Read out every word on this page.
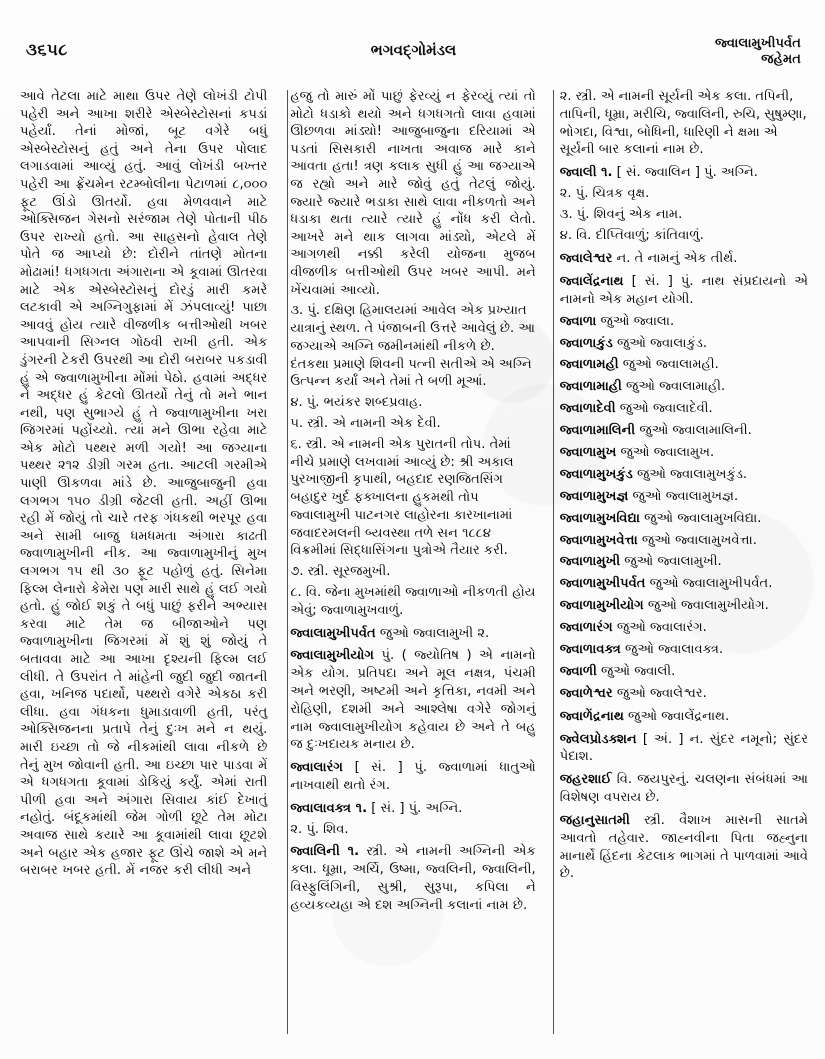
૩૬૫૮	ભગવદ્ગોમંડલ	જ્વાલામુખીપર્વત
જહેમત

આવે તેટલા માટે માથા ઉપર તેણે લોખંડી ટોપી પહેરી અને આખા શરીરે એસ્બેસ્ટોસનાં કપડાં પહેર્યાં. તેનાં મોજાં, બૂટ વગેરે બધું એસ્બેસ્ટોસનું હતું અને તેના ઉપર પોલાદ લગાડવામાં આવ્યું હતું. આવું લોખંડી બખ્તર પહેરી આ ફ્રેંચમેન રટમ્બોલીના પેટાળમાં ૮,૦૦૦ ફૂટ ઊંડો ઊતર્યો. હવા મેળવવાને માટે ઓક્સિજન ગેસનો સરંજામ તેણે પોતાની પીઠ ઉપર રાખ્યો હતો. આ સાહસનો હેવાલ તેણે પોતે જ આપ્યો છે: દોરીને તાંતણે મોતના મોઢામાં! ધગધગતા અંગારાના એ કૂવામાં ઊતરવા માટે એક એસ્બેસ્ટોસનું દોરડું મારી કમરે લટકાવી એ અગ્નિગુફામાં મેં ઝંપલાવ્યું! પાછા આવવું હોય ત્યારે વીજળીક બત્તીઓથી ખબર આપવાની સિગ્નલ ગોઠવી રાખી હતી. એક ડુંગરની ટેકરી ઉપરથી આ દોરી બરાબર પકડાવી હું એ જ્વાળામુખીના મોંમાં પેઠો. હવામાં અદ્ધર ને અદ્ધર હું કેટલો ઊતર્યો તેનું તો મને ભાન નથી, પણ સુભાગ્યે હું તે જ્વાળામુખીના ખરા જિગરમાં પહોંચ્યો. ત્યાં મને ઊભા રહેવા માટે એક મોટો પથ્થર મળી ગયો! આ જગ્યાના પથ્થર ૨૧૨ ડીગ્રી ગરમ હતા. આટલી ગરમીએ પાણી ઊકળવા માંડે છે. આજુબાજુની હવા લગભગ ૧૫૦ ડીગ્રી જેટલી હતી. અહીં ઊભા રહી મેં જોયું તો ચારે તરફ ગંધકથી ભરપૂર હવા અને સામી બાજુ ધમધમતા અંગારા કાઢતી જ્વાળામુખીની નીક. આ જ્વાળામુખીનું મુખ લગભગ ૧૫ થી ૩૦ ફૂટ પહોળું હતું. સિનેમા ફિલ્મ લેનારો કેમેરા પણ મારી સાથે હું લઈ ગયો હતો. હું જોઈ શકું તે બધું પાછું ફરીને અભ્યાસ કરવા માટે તેમ જ બીજાઓને પણ જ્વાળામુખીના જિગરમાં મેં શું શું જોયું તે બતાવવા માટે આ આખા દૃશ્યની ફિલ્મ લઈ લીધી. તે ઉપરાંત તે માંહેની જુદી જુદી જાતની હવા, ખનિજ પદાર્થો, પથ્થરો વગેરે એકઠા કરી લીધા. હવા ગંધકના ધુમાડાવાળી હતી, પરંતુ ઓક્સિજનના પ્રતાપે તેનું દુઃખ મને ન થયું. મારી ઇચ્છા તો જે નીકમાંથી લાવા નીકળે છે તેનું મુખ જોવાની હતી. આ ઇચ્છા પાર પાડવા મેં એ ધગધગતા કૂવામાં ડોકિયું કર્યું. એમાં રાતી પીળી હવા અને અંગારા સિવાય કાંઈ દેખાતું નહોતું. બંદૂકમાંથી જેમ ગોળી છૂટે તેમ મોટા અવાજ સાથે કયારે આ કૂવામાંથી લાવા છૂટશે અને બહાર એક હજાર ફૂટ ઊંચે જાશે એ મને બરાબર ખબર હતી. મેં નજર કરી લીધી અને

હજુ તો મારું મોં પાછું ફેરવ્યું ન ફેરવ્યું ત્યાં તો મોટો ધડાકો થયો અને ધગધગતો લાવા હવામાં ઊછળવા માંડ્યો! આજુબાજુના દરિયામાં એ પડતાં સિસકારી નાખતા અવાજ મારે કાને આવતા હતા! ત્રણ કલાક સુધી હું આ જગ્યાએ જ રહ્યો અને મારે જોવું હતું તેટલું જોયું. જ્યારે જ્યારે ભડાકા સાથે લાવા નીકળતો અને ધડાકા થતા ત્યારે ત્યારે હું નોંધ કરી લેતો. આખરે મને થાક લાગવા માંડ્યો, એટલે મેં આગળથી નક્કી કરેલી યોજના મુજબ વીજળીક બત્તીઓથી ઉપર ખબર આપી. મને ખેંચવામાં આવ્યો.

૩. પું. દક્ષિણ હિમાલયમાં આવેલ એક પ્રખ્યાત યાત્રાનું સ્થળ. તે પંજાબની ઉત્તરે આવેલું છે. આ જગ્યાએ અગ્નિ જમીનમાંથી નીકળે છે. દંતકથા પ્રમાણે શિવની પત્ની સતીએ એ અગ્નિ ઉત્પન્ન કર્યાં અને તેમાં તે બળી મૂઆં.

૪. પું. ભયંકર શબ્દપ્રવાહ.

૫. સ્ત્રી. એ નામની એક દેવી.

૬. સ્ત્રી. એ નામની એક પુરાતની તોપ. તેમાં નીચે પ્રમાણે લખવામાં આવ્યું છે: શ્રી અકાલ પુરખાજીની કૃપાથી, બહદાદ રણજિતસિંગ બહાદુર ખુર્દ ફક્ખાલના હુકમથી તોપ જ્વાલામુખી પાટનગર લાહોરના કારખાનામાં જવાદરમલની બ્યવસ્થા તળે સન ૧૮૮૪ વિક્રમીમાં સિદ્ધાસિંગના પુત્રોએ તૈયાર કરી.

૭. સ્ત્રી. સૂરજમુખી.

૮. વિ. જેના મુખમાંથી જ્વાળાઓ નીકળતી હોય એવું; જ્વાળામુખવાળું.

જ્વાલામુખીપર્વત જુઓ જ્વાલામુખી ૨.

જ્વાલામુખીયોગ પું. ( જ્યોતિષ ) એ નામનો એક યોગ. પ્રતિપદા અને મૂલ નક્ષત્ર, પંચમી અને ભરણી, અષ્ટમી અને કૃત્તિકા, નવમી અને રોહિણી, દશમી અને આશ્લેષા વગેરે જોગનું નામ જ્વાલામુખીયોગ કહેવાય છે અને તે બહુ જ દુઃખદાયક મનાય છે.

જ્વાલારંગ [ સં. ] પું. જ્વાળામાં ધાતુઓ નાખવાથી થતો રંગ.

જ્વાલાવક્ત્ર ૧. [ સં. ] પું. અગ્નિ.

૨. પું. શિવ.

જ્વાલિની ૧. સ્ત્રી. એ નામની અગ્નિની એક કલા. ધૂમ્રા, અર્ચિ, ઉષ્મા, જ્વલિની, જ્વાલિની, વિસ્ફુલિંગિની, સુશ્રી, સુરૂપા, કપિલા ને હવ્યકવ્યહા એ દશ અગ્નિની કલાનાં નામ છે.

૨. સ્ત્રી. એ નામની સૂર્યની એક કલા. તપિની, તાપિની, ધૂમ્રા, મરીચિ, જ્વાલિની, રુચિ, સુષુમ્ણા, ભોગદા, વિશ્વા, બોધિની, ધારિણી ને ક્ષમા એ સૂર્યની બાર કલાનાં નામ છે.

જ્વાલી ૧. [ સં. જ્વાલિન ] પું. અગ્નિ.

૨. પું. ચિત્રક વૃક્ષ.

૩. પું. શિવનું એક નામ.

૪. વિ. દીપ્તિવાળું; કાંતિવાળું.

જ્વાલેશ્વર ન. તે નામનું એક તીર્થ.

જ્વાલેંદ્રનાથ [ સં. ] પું. નાથ સંપ્રદાયનો એ નામનો એક મહાન યોગી.

જ્વાળા જુઓ જ્વાલા.

જ્વાળાકુંડ જુઓ જ્વાલાકુંડ.

જ્વાળામહી જુઓ જ્વાલામહી.

જ્વાળામાહી જુઓ જ્વાલામાહી.

જ્વાળાદેવી જુઓ જ્વાલાદેવી.

જ્વાળામાલિની જુઓ જ્વાલામાલિની.

જ્વાળામુખ જુઓ જ્વાલામુખ.

જ્વાળામુખકુંડ જુઓ જ્વાલામુખકુંડ.

જ્વાળામુખજ્ઞ જુઓ જ્વાલામુખજ્ઞ.

જ્વાળામુખવિદ્યા જુઓ જ્વાલામુખવિદ્યા.

જ્વાળામુખવેત્તા જુઓ જ્વાલામુખવેત્તા.

જ્વાળામુખી જુઓ જ્વાલામુખી.

જ્વાળામુખીપર્વત જુઓ જ્વાલામુખીપર્વત.

જ્વાળામુખીયોગ જુઓ જ્વાલામુખીયોગ.

જ્વાળારંગ જુઓ જ્વાલારંગ.

જ્વાળાવક્ત્ર જુઓ જ્વાલાવક્ત્ર.

જ્વાળી જુઓ જ્વાલી.

જ્વાળેશ્વર જુઓ જ્વાલેશ્વર.

જ્વાળેંદ્રનાથ જુઓ જ્વાલેંદ્રનાથ.

જ્વેલપ્રોડક્શન [ અં. ] ન. સુંદર નમૂનો; સુંદર પેદાશ.

જહરશાઈ વિ. જયપુરનું. ચલણના સંબંધમાં આ વિશેષણ વપરાય છે.

જહાનુસાતમી સ્ત્રી. વૈશાખ માસની સાતમે આવતો તહેવાર. જાહ્નવીના પિતા જહ્નુના માનાર્થે હિંદના કેટલાક ભાગમાં તે પાળવામાં આવે છે.
